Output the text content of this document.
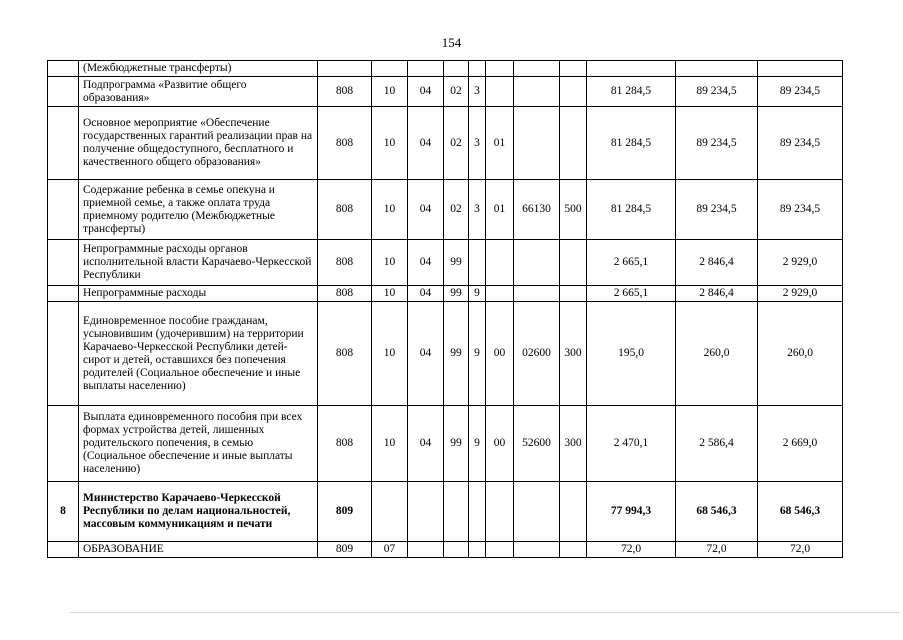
154
	(Межбюджетные трансферты)											
	Подпрограмма «Развитие общего образования»	808	10	04	02	3				81 284,5	89 234,5	89 234,5
	Основное мероприятие «Обеспечение государственных гарантий реализации прав на получение общедоступного, бесплатного и качественного общего образования»	808	10	04	02	3	01			81 284,5	89 234,5	89 234,5
	Содержание ребенка в семье опекуна и приемной семье, а также оплата труда приемному родителю (Межбюджетные трансферты)	808	10	04	02	3	01	66130	500	81 284,5	89 234,5	89 234,5
	Непрограммные расходы органов исполнительной власти Карачаево-Черкесской Республики	808	10	04	99					2 665,1	2 846,4	2 929,0
	Непрограммные расходы	808	10	04	99	9				2 665,1	2 846,4	2 929,0
	Единовременное пособие гражданам, усыновившим (удочерившим) на территории Карачаево-Черкесской Республики детей-сирот и детей, оставшихся без попечения родителей (Социальное обеспечение и иные выплаты населению)	808	10	04	99	9	00	02600	300	195,0	260,0	260,0
	Выплата единовременного пособия при всех формах устройства детей, лишенных родительского попечения, в семью (Социальное обеспечение и иные выплаты населению)	808	10	04	99	9	00	52600	300	2 470,1	2 586,4	2 669,0
8	Министерство Карачаево-Черкесской Республики по делам национальностей, массовым коммуникациям и печати	809								77 994,3	68 546,3	68 546,3
	ОБРАЗОВАНИЕ	809	07							72,0	72,0	72,0
